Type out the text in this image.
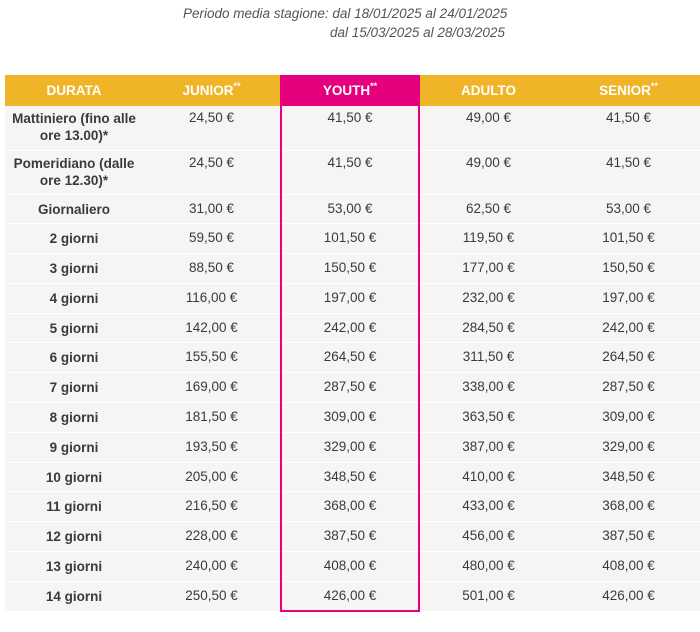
Periodo media stagione: dal 18/01/2025 al 24/01/2025
dal 15/03/2025 al 28/03/2025
DURATA	JUNIOR**	YOUTH**	ADULTO	SENIOR**
Mattiniero (fino alle ore 13.00)*	24,50 €	41,50 €	49,00 €	41,50 €
Pomeridiano (dalle ore 12.30)*	24,50 €	41,50 €	49,00 €	41,50 €
Giornaliero	31,00 €	53,00 €	62,50 €	53,00 €
2 giorni	59,50 €	101,50 €	119,50 €	101,50 €
3 giorni	88,50 €	150,50 €	177,00 €	150,50 €
4 giorni	116,00 €	197,00 €	232,00 €	197,00 €
5 giorni	142,00 €	242,00 €	284,50 €	242,00 €
6 giorni	155,50 €	264,50 €	311,50 €	264,50 €
7 giorni	169,00 €	287,50 €	338,00 €	287,50 €
8 giorni	181,50 €	309,00 €	363,50 €	309,00 €
9 giorni	193,50 €	329,00 €	387,00 €	329,00 €
10 giorni	205,00 €	348,50 €	410,00 €	348,50 €
11 giorni	216,50 €	368,00 €	433,00 €	368,00 €
12 giorni	228,00 €	387,50 €	456,00 €	387,50 €
13 giorni	240,00 €	408,00 €	480,00 €	408,00 €
14 giorni	250,50 €	426,00 €	501,00 €	426,00 €
